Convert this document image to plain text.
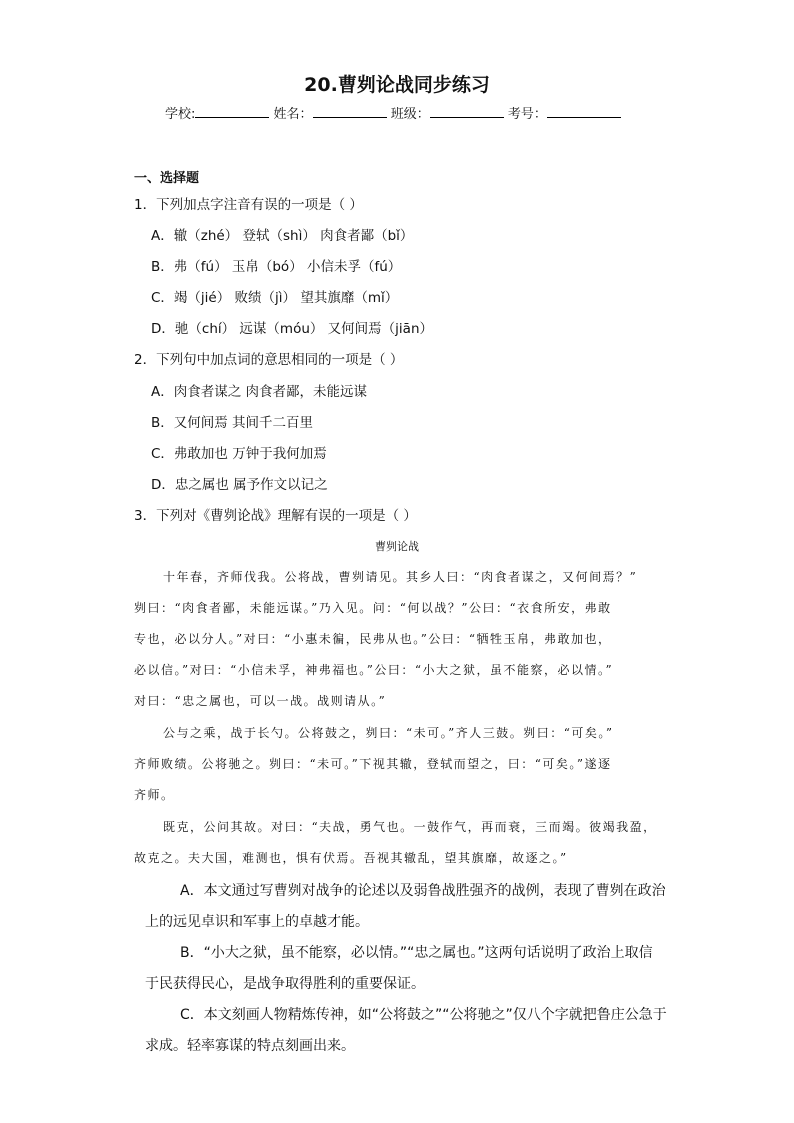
20.曹刿论战同步练习
学校:	姓名：	班级：	考号：
一、选择题
1．下列加点字注音有误的一项是（ ）
A．辙（zhé） 登轼（shì） 肉食者鄙（bǐ）
B．弗（fú） 玉帛（bó） 小信未孚（fú）
C．竭（jié） 败绩（jì） 望其旗靡（mǐ）
D．驰（chí） 远谋（móu） 又何间焉（jiān）
2．下列句中加点词的意思相同的一项是（ ）
A．肉食者谋之 肉食者鄙，未能远谋
B．又何间焉 其间千二百里
C．弗敢加也 万钟于我何加焉
D．忠之属也 属予作文以记之
3．下列对《曹刿论战》理解有误的一项是（ ）
曹刿论战
十年春，齐师伐我。公将战，曹刿请见。其乡人曰：“肉食者谋之，又何间焉？”
刿曰：“肉食者鄙，未能远谋。”乃入见。问：“何以战？”公曰：“衣食所安，弗敢
专也，必以分人。”对曰：“小惠未徧，民弗从也。”公曰：“牺牲玉帛，弗敢加也，
必以信。”对曰：“小信未孚，神弗福也。”公曰：“小大之狱，虽不能察，必以情。”
对曰：“忠之属也，可以一战。战则请从。”
公与之乘，战于长勺。公将鼓之，刿曰：“未可。”齐人三鼓。刿曰：“可矣。”
齐师败绩。公将驰之。刿曰：“未可。”下视其辙，登轼而望之，曰：“可矣。”遂逐
齐师。
既克，公问其故。对曰：“夫战，勇气也。一鼓作气，再而衰，三而竭。彼竭我盈，
故克之。夫大国，难测也，惧有伏焉。吾视其辙乱，望其旗靡，故逐之。”
A．本文通过写曹刿对战争的论述以及弱鲁战胜强齐的战例，表现了曹刿在政治
上的远见卓识和军事上的卓越才能。
B．“小大之狱，虽不能察，必以情。”“忠之属也。”这两句话说明了政治上取信
于民获得民心，是战争取得胜利的重要保证。
C．本文刻画人物精炼传神，如“公将鼓之”“公将驰之”仅八个字就把鲁庄公急于
求成。轻率寡谋的特点刻画出来。
